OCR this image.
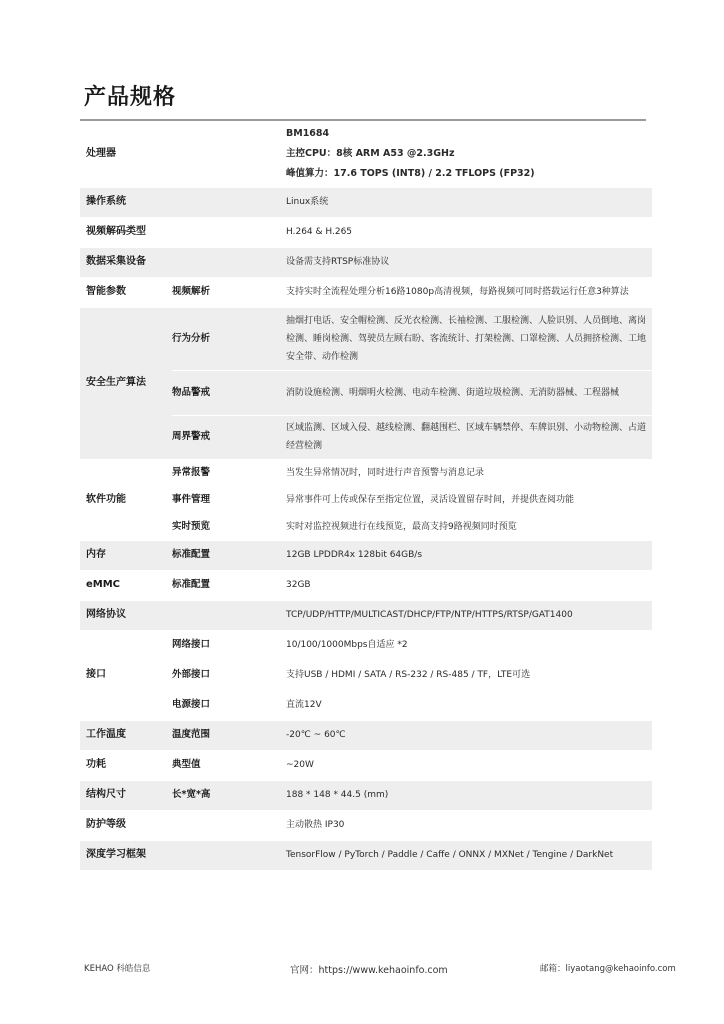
产品规格
处理器		BM1684
主控CPU：8核 ARM A53 @2.3GHz
峰值算力：17.6 TOPS (INT8) / 2.2 TFLOPS (FP32)

操作系统		Linux系统
视频解码类型		H.264 & H.265
数据采集设备		设备需支持RTSP标准协议
智能参数	视频解析	支持实时全流程处理分析16路1080p高清视频，每路视频可同时搭载运行任意3种算法
安全生产算法	行为分析	抽烟打电话、安全帽检测、反光衣检测、长袖检测、工服检测、人脸识别、人员倒地、离岗检测、睡岗检测、驾驶员左顾右盼、客流统计、打架检测、口罩检测、人员拥挤检测、工地安全带、动作检测
	物品警戒	消防设施检测、明烟明火检测、电动车检测、街道垃圾检测、无消防器械、工程器械
	周界警戒	区域监测、区域入侵、越线检测、翻越围栏、区域车辆禁停、车牌识别、小动物检测、占道经营检测
软件功能	异常报警	当发生异常情况时，同时进行声音预警与消息记录
	事件管理	异常事件可上传或保存至指定位置，灵活设置留存时间，并提供查阅功能
	实时预览	实时对监控视频进行在线预览，最高支持9路视频同时预览
内存	标准配置	12GB LPDDR4x 128bit 64GB/s
eMMC	标准配置	32GB
网络协议		TCP/UDP/HTTP/MULTICAST/DHCP/FTP/NTP/HTTPS/RTSP/GAT1400
接口	网络接口	10/100/1000Mbps自适应 *2
	外部接口	支持USB / HDMI / SATA / RS-232 / RS-485 / TF，LTE可选
	电源接口	直流12V
工作温度	温度范围	-20℃ ~ 60℃
功耗	典型值	~20W
结构尺寸	长*宽*高	188 * 148 * 44.5 (mm)
防护等级		主动散热 IP30
深度学习框架		TensorFlow / PyTorch / Paddle / Caffe / ONNX / MXNet / Tengine / DarkNet
KEHAO 科皓信息	官网：https://www.kehaoinfo.com	邮箱：liyaotang@kehaoinfo.com
